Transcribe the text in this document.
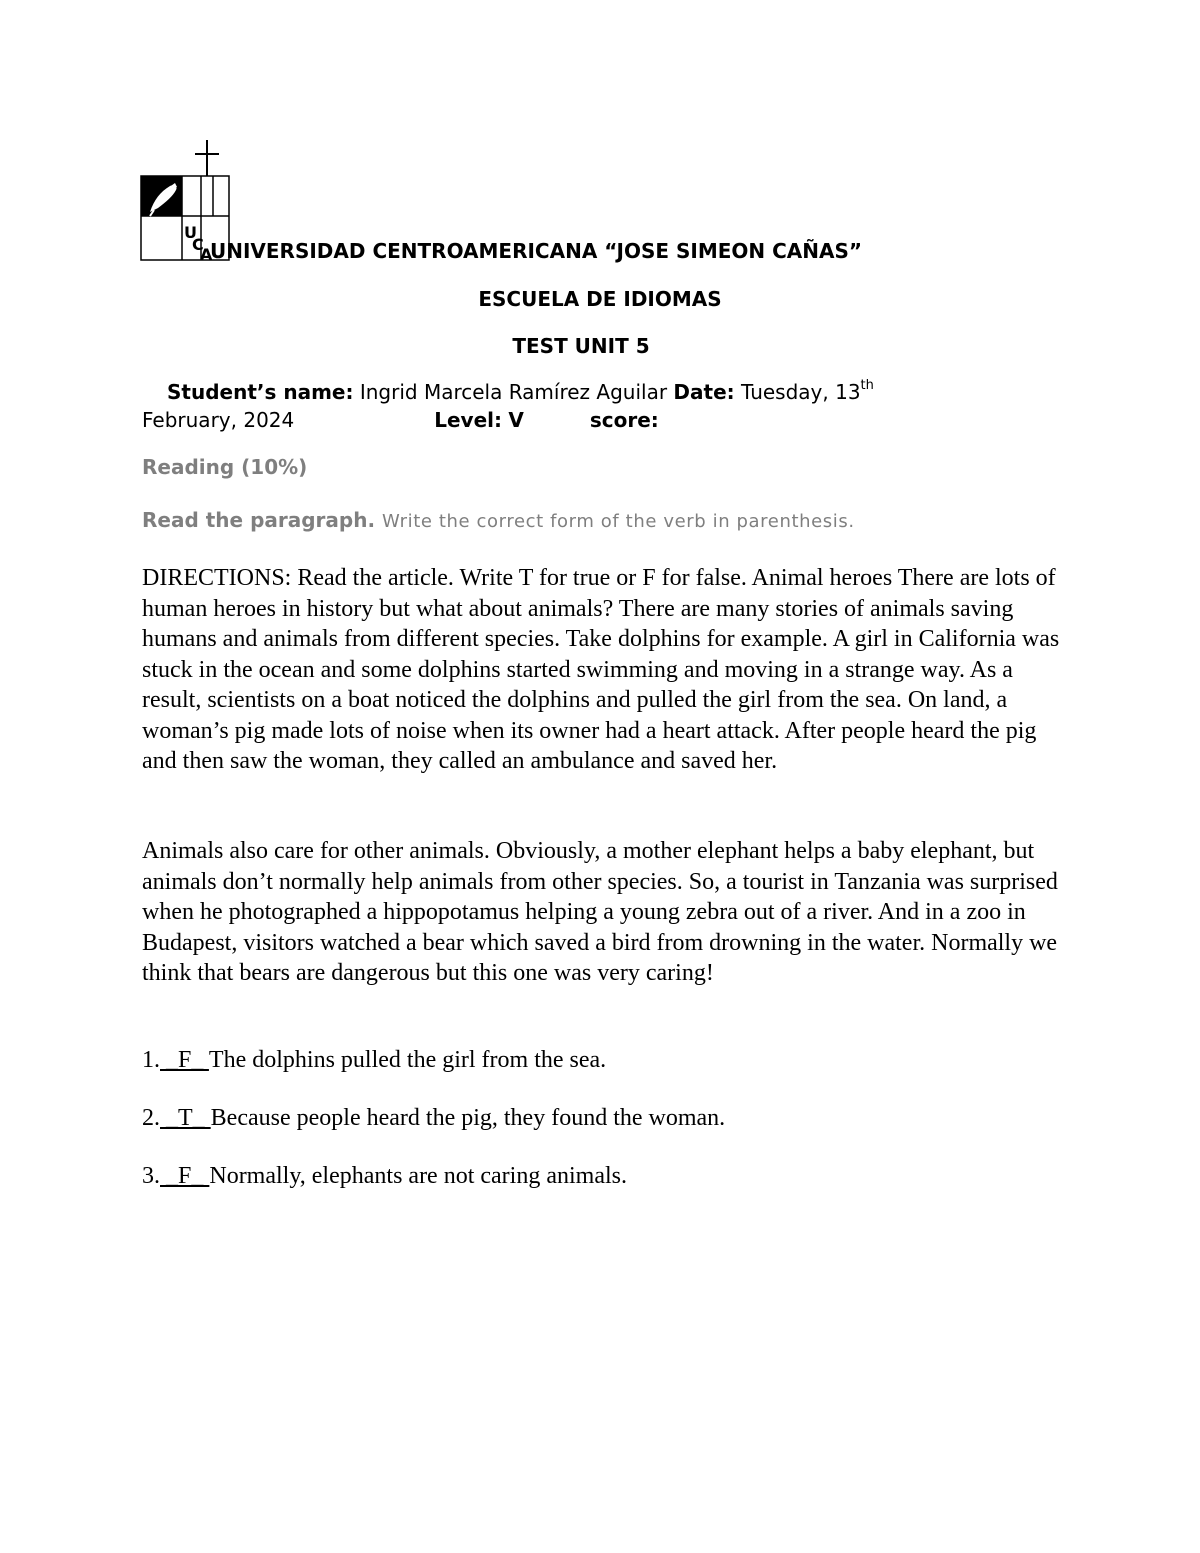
U
C
A
UNIVERSIDAD CENTROAMERICANA “JOSE SIMEON CAÑAS”
ESCUELA DE IDIOMAS
TEST UNIT 5
Student’s name: Ingrid Marcela Ramírez Aguilar Date: Tuesday, 13th
February, 2024	Level: V	score:
Reading (10%)
Read the paragraph. Write the correct form of the verb in parenthesis.
DIRECTIONS: Read the article. Write T for true or F for false. Animal heroes There are lots of human heroes in history but what about animals? There are many stories of animals saving humans and animals from different species. Take dolphins for example. A girl in California was stuck in the ocean and some dolphins started swimming and moving in a strange way. As a result, scientists on a boat noticed the dolphins and pulled the girl from the sea. On land, a woman’s pig made lots of noise when its owner had a heart attack. After people heard the pig and then saw the woman, they called an ambulance and saved her.
Animals also care for other animals. Obviously, a mother elephant helps a baby elephant, but animals don’t normally help animals from other species. So, a tourist in Tanzania was surprised when he photographed a hippopotamus helping a young zebra out of a river. And in a zoo in Budapest, visitors watched a bear which saved a bird from drowning in the water. Normally we think that bears are dangerous but this one was very caring!
1. _F_ The dolphins pulled the girl from the sea.
2. _T_ Because people heard the pig, they found the woman.
3. _F_ Normally, elephants are not caring animals.
